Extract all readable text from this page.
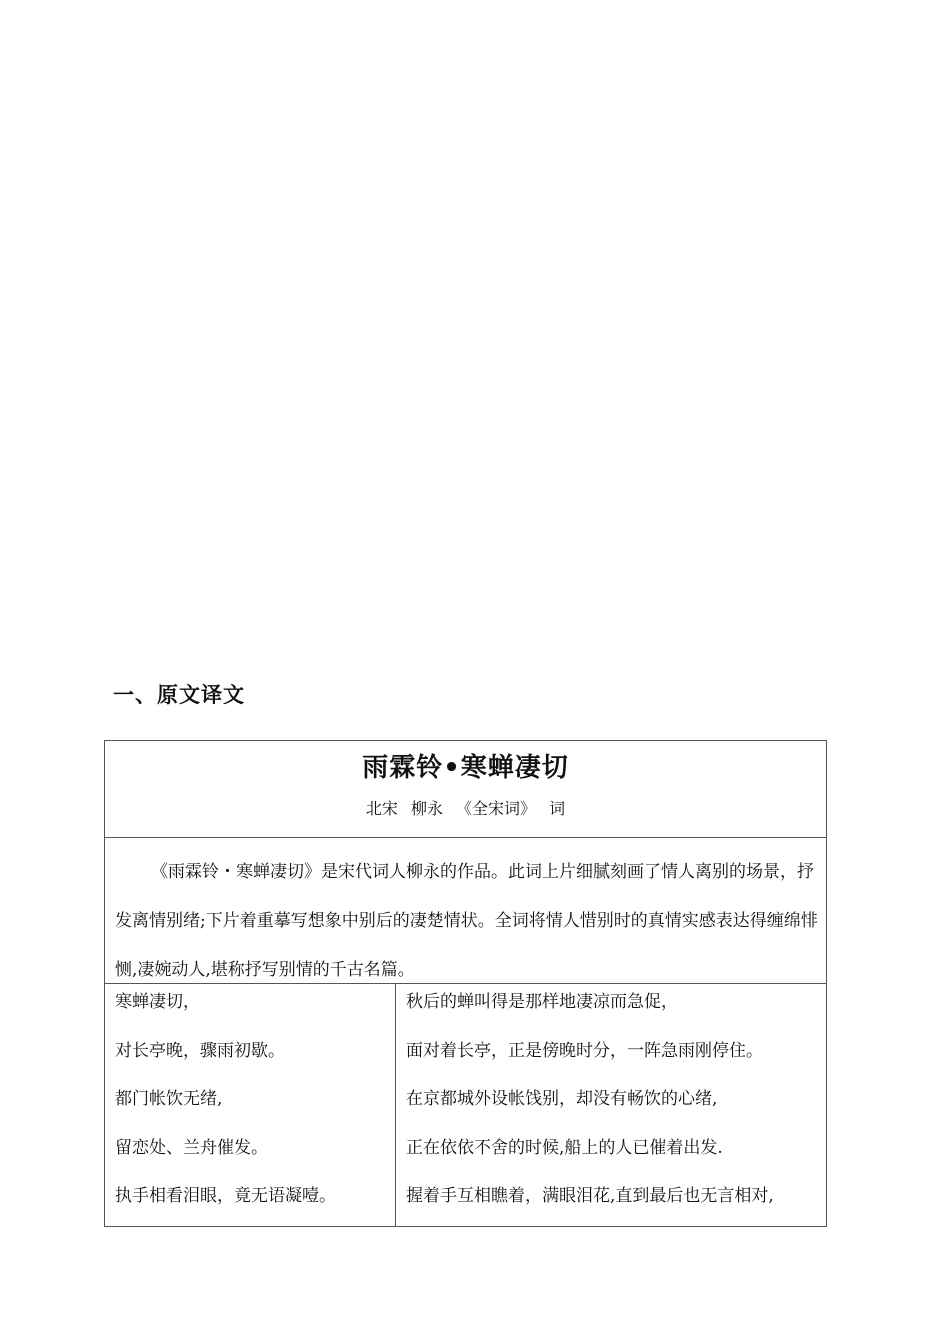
一、原文译文
雨霖铃•寒蝉凄切
北宋 柳永 《全宋词》 词
《雨霖铃・寒蝉凄切》是宋代词人柳永的作品。此词上片细腻刻画了情人离别的场景，抒发离情别绪;下片着重摹写想象中别后的凄楚情状。全词将情人惜别时的真情实感表达得缠绵悱恻,凄婉动人,堪称抒写别情的千古名篇。
寒蝉凄切，
对长亭晚，骤雨初歇。
都门帐饮无绪,
留恋处、兰舟催发。
执手相看泪眼，竟无语凝噎。
秋后的蝉叫得是那样地凄凉而急促，
面对着长亭，正是傍晚时分，一阵急雨刚停住。
在京都城外设帐饯别，却没有畅饮的心绪,
正在依依不舍的时候,船上的人已催着出发.
握着手互相瞧着，满眼泪花,直到最后也无言相对,
